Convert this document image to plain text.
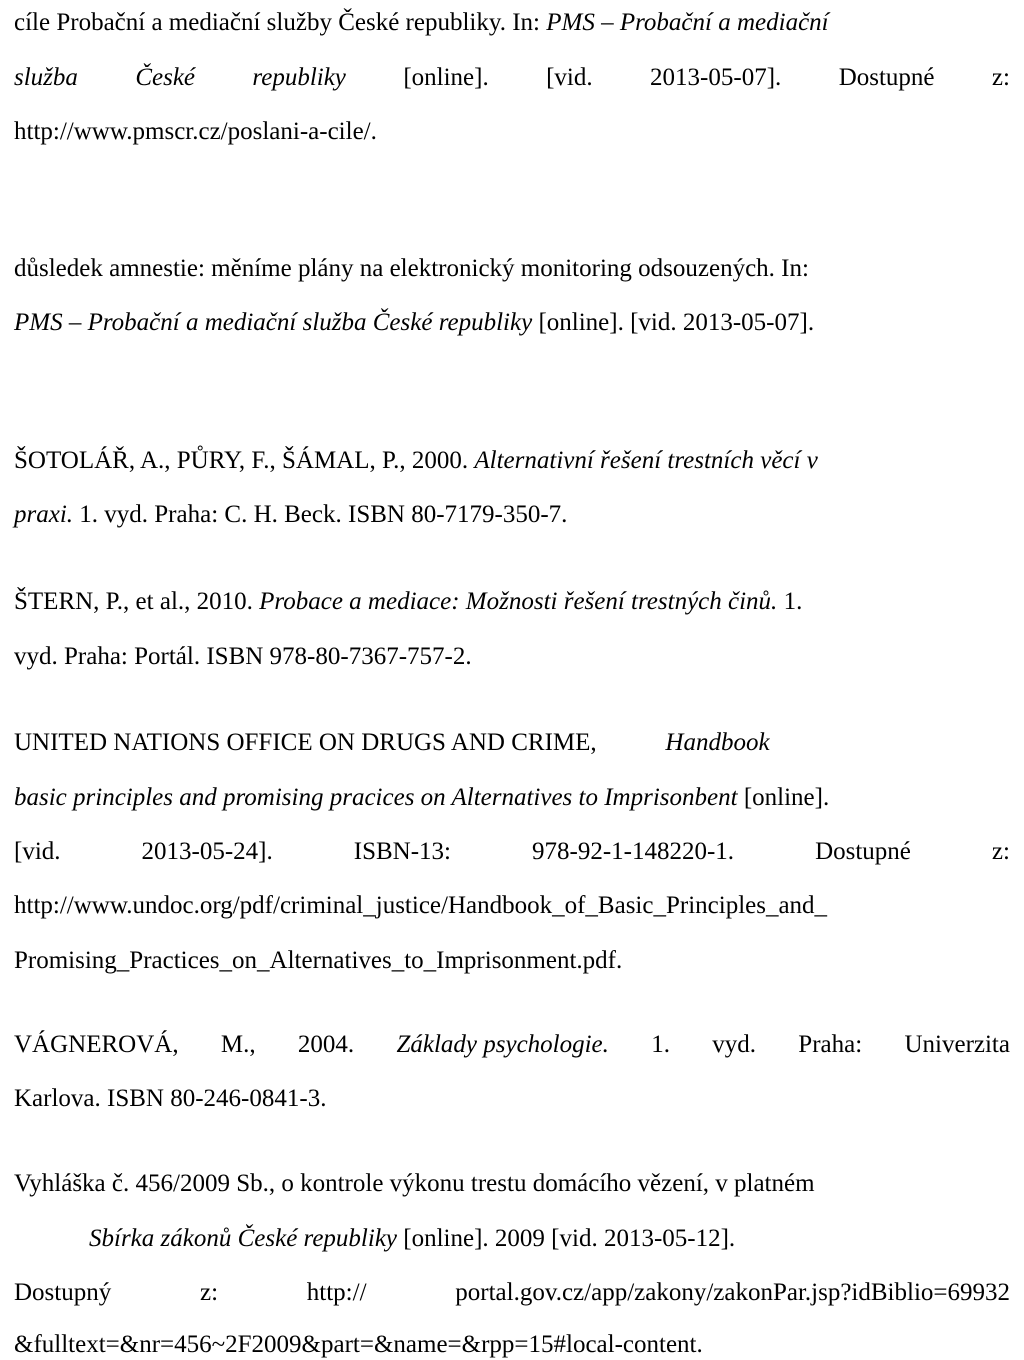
cíle Probační a mediační služby České republiky. In: PMS – Probační a mediační
služba České republiky [online]. [vid. 2013-05-07]. Dostupné z:
http://www.pmscr.cz/poslani-a-cile/.
důsledek amnestie: měníme plány na elektronický monitoring odsouzených. In:
PMS – Probační a mediační služba České republiky [online]. [vid. 2013-05-07].
ŠOTOLÁŘ, A., PŮRY, F., ŠÁMAL, P., 2000. Alternativní řešení trestních věcí v
praxi. 1. vyd. Praha: C. H. Beck. ISBN 80-7179-350-7.
ŠTERN, P., et al., 2010. Probace a mediace: Možnosti řešení trestných činů. 1.
vyd. Praha: Portál. ISBN 978-80-7367-757-2.
UNITED NATIONS OFFICE ON DRUGS AND CRIME,           Handbook
basic principles and promising pracices on Alternatives to Imprisonbent [online].
[vid.	2013-05-24].	ISBN-13:	978-92-1-148220-1.	Dostupné	z:
http://www.undoc.org/pdf/criminal_justice/Handbook_of_Basic_Principles_and_
Promising_Practices_on_Alternatives_to_Imprisonment.pdf.
VÁGNEROVÁ, M., 2004. Základy psychologie. 1. vyd. Praha: Univerzita
Karlova. ISBN 80-246-0841-3.
Vyhláška č. 456/2009 Sb., o kontrole výkonu trestu domácího vězení, v platném
Sbírka zákonů České republiky [online]. 2009 [vid. 2013-05-12].
Dostupný	z:	http://	portal.gov.cz/app/zakony/zakonPar.jsp?idBiblio=69932
&fulltext=&nr=456~2F2009&part=&name=&rpp=15#local-content.
